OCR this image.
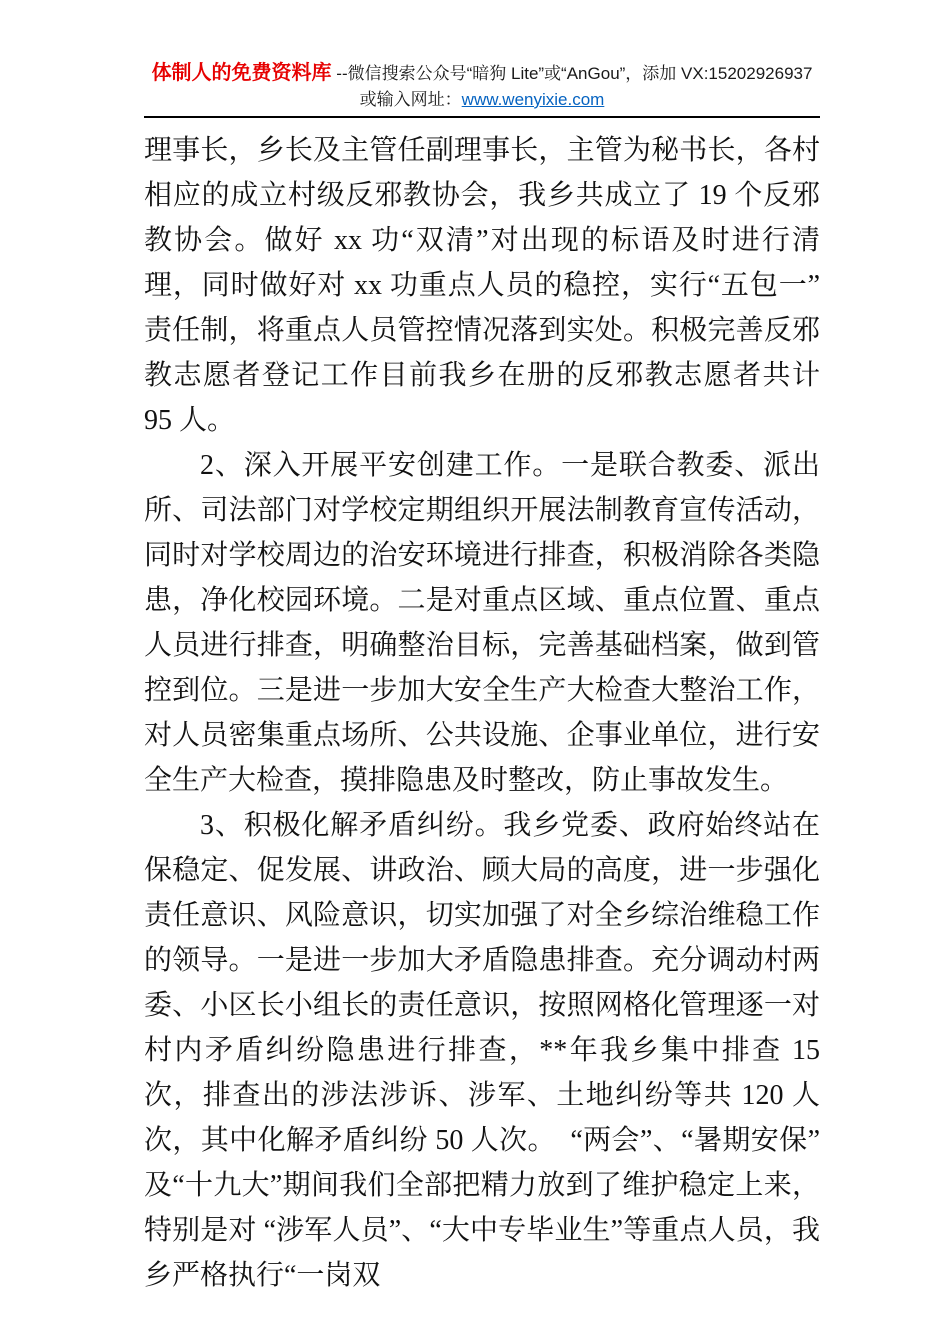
体制人的免费资料库 --微信搜索公众号“暗狗 Lite”或“AnGou”，添加 VX:15202926937
或输入网址：www.wenyixie.com

理事长，乡长及主管任副理事长，主管为秘书长，各村相应的成立村级反邪教协会，我乡共成立了 19 个反邪教协会。做好 xx 功“双清”对出现的标语及时进行清理，同时做好对 xx 功重点人员的稳控，实行“五包一”责任制，将重点人员管控情况落到实处。积极完善反邪教志愿者登记工作目前我乡在册的反邪教志愿者共计 95 人。

2、深入开展平安创建工作。一是联合教委、派出所、司法部门对学校定期组织开展法制教育宣传活动，同时对学校周边的治安环境进行排查，积极消除各类隐患，净化校园环境。二是对重点区域、重点位置、重点人员进行排查，明确整治目标，完善基础档案，做到管控到位。三是进一步加大安全生产大检查大整治工作，对人员密集重点场所、公共设施、企事业单位，进行安全生产大检查，摸排隐患及时整改，防止事故发生。

3、积极化解矛盾纠纷。我乡党委、政府始终站在保稳定、促发展、讲政治、顾大局的高度，进一步强化责任意识、风险意识，切实加强了对全乡综治维稳工作的领导。一是进一步加大矛盾隐患排查。充分调动村两委、小区长小组长的责任意识，按照网格化管理逐一对村内矛盾纠纷隐患进行排查，**年我乡集中排查 15 次，排查出的涉法涉诉、涉军、土地纠纷等共 120 人次，其中化解矛盾纠纷 50 人次。　“两会”、“暑期安保”及“十九大”期间我们全部把精力放到了维护稳定上来，特别是对 “涉军人员”、“大中专毕业生”等重点人员，我乡严格执行“一岗双
